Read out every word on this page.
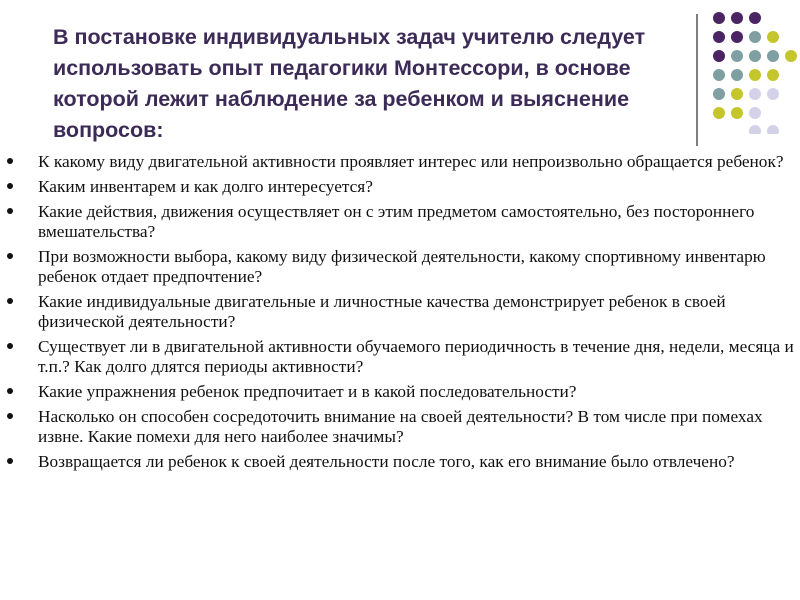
В постановке индивидуальных задач учителю следует использовать опыт педагогики Монтессори, в основе которой лежит наблюдение за ребенком и выяснение вопросов:
К какому виду двигательной активности проявляет интерес или непроизвольно обращается ребенок?
Каким инвентарем и как долго интересуется?
Какие действия, движения осуществляет он с этим предметом самостоятельно, без постороннего вмешательства?
При возможности выбора, какому виду физической деятельности, какому спортивному инвентарю ребенок отдает предпочтение?
Какие индивидуальные двигательные и личностные качества демонстрирует ребенок в своей физической деятельности?
Существует ли в двигательной активности обучаемого периодичность в течение дня, недели, месяца и т.п.? Как долго длятся периоды активности?
Какие упражнения ребенок предпочитает и в какой последовательности?
Насколько он способен сосредоточить внимание на своей деятельности? В том числе при помехах извне. Какие помехи для него наиболее значимы?
Возвращается ли ребенок к своей деятельности после того, как его внимание было отвлечено?
